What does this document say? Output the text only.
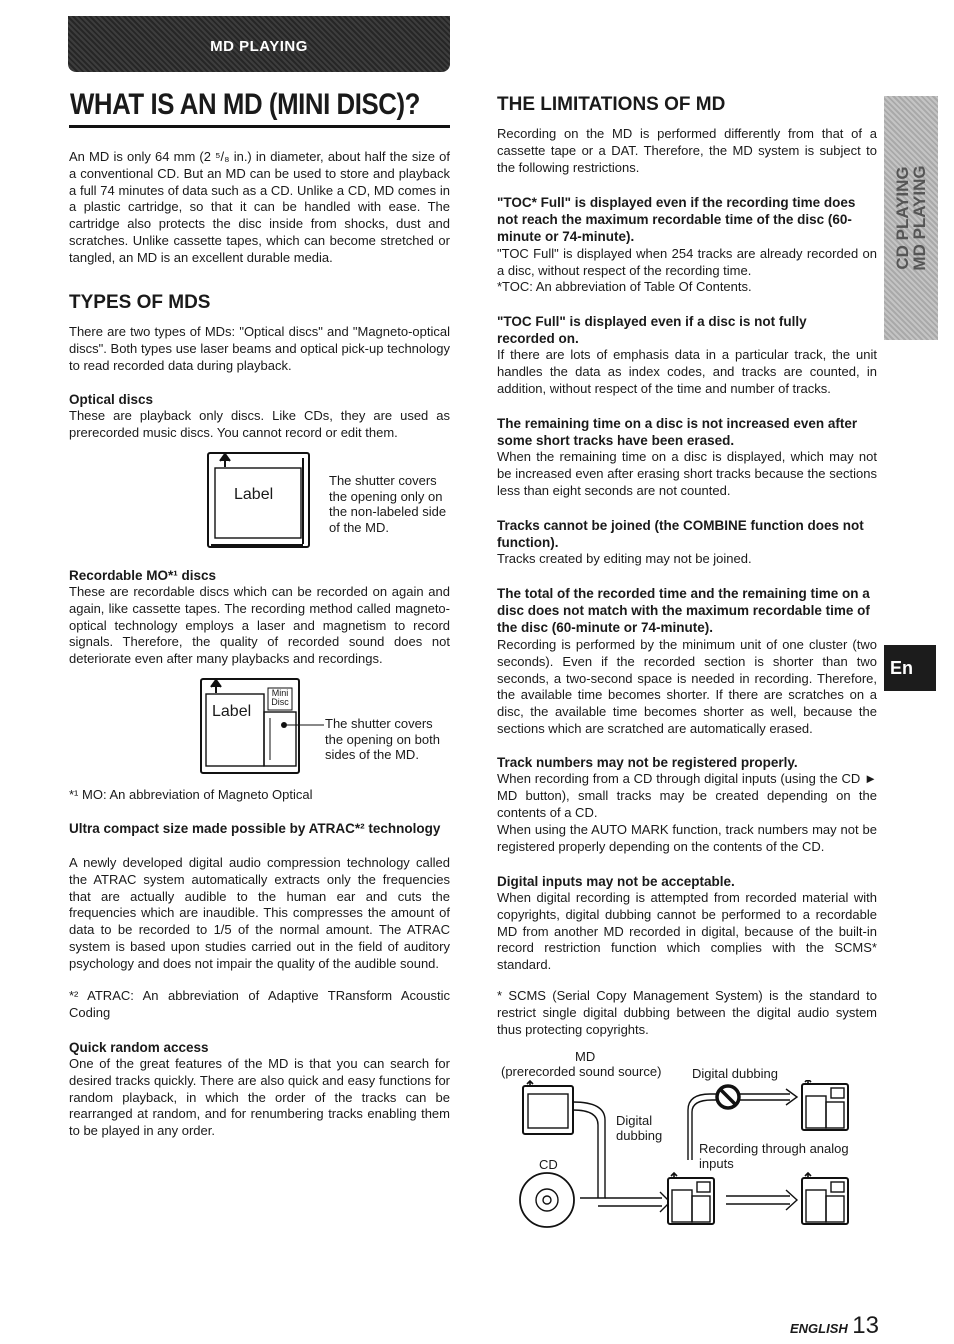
MD PLAYING
WHAT IS AN MD (MINI DISC)?

An MD is only 64 mm (2 ⁵/₈ in.) in diameter, about half the size of a conventional CD. But an MD can be used to store and playback a full 74 minutes of data such as a CD. Unlike a CD, MD comes in a plastic cartridge, so that it can be handled with ease. The cartridge also protects the disc inside from shocks, dust and scratches. Unlike cassette tapes, which can become stretched or tangled, an MD is an excellent durable media.

TYPES OF MDS

There are two types of MDs: "Optical discs" and "Magneto-optical discs". Both types use laser beams and optical pick-up technology to read recorded data during playback.

Optical discs

These are playback only discs. Like CDs, they are used as prerecorded music discs. You cannot record or edit them.

Label

The shutter covers the opening only on the non-labeled side of the MD.

Recordable MO*¹ discs

These are recordable discs which can be recorded on again and again, like cassette tapes. The recording method called magneto-optical technology employs a laser and magnetism to record signals. Therefore, the quality of recorded sound does not deteriorate even after many playbacks and recordings.

Mini
Disc
Label

The shutter covers the opening on both sides of the MD.

*¹ MO: An abbreviation of Magneto Optical

Ultra compact size made possible by ATRAC*² technology

A newly developed digital audio compression technology called the ATRAC system automatically extracts only the frequencies that are actually audible to the human ear and cuts the frequencies which are inaudible. This compresses the amount of data to be recorded to 1/5 of the normal amount. The ATRAC system is based upon studies carried out in the field of auditory psychology and does not impair the quality of the audible sound.

*² ATRAC: An abbreviation of Adaptive TRansform Acoustic Coding

Quick random access

One of the great features of the MD is that you can search for desired tracks quickly. There are also quick and easy functions for random playback, in which the order of the tracks can be rearranged at random, and for renumbering tracks enabling them to be played in any order.

THE LIMITATIONS OF MD

Recording on the MD is performed differently from that of a cassette tape or a DAT. Therefore, the MD system is subject to the following restrictions.

"TOC* Full" is displayed even if the recording time does not reach the maximum recordable time of the disc (60-minute or 74-minute).

"TOC Full" is displayed when 254 tracks are already recorded on a disc, without respect of the recording time.

*TOC: An abbreviation of Table Of Contents.

"TOC Full" is displayed even if a disc is not fully recorded on.

If there are lots of emphasis data in a particular track, the unit handles the data as index codes, and tracks are counted, in addition, without respect of the time and number of tracks.

The remaining time on a disc is not increased even after some short tracks have been erased.

When the remaining time on a disc is displayed, which may not be increased even after erasing short tracks because the sections less than eight seconds are not counted.

Tracks cannot be joined (the COMBINE function does not function).

Tracks created by editing may not be joined.

The total of the recorded time and the remaining time on a disc does not match with the maximum recordable time of the disc (60-minute or 74-minute).

Recording is performed by the minimum unit of one cluster (two seconds). Even if the recorded section is shorter than two seconds, a two-second space is needed in recording. Therefore, the available time becomes shorter. If there are scratches on a disc, the available time becomes shorter as well, because the sections which are scratched are automatically erased.

Track numbers may not be registered properly.

When recording from a CD through digital inputs (using the CD ► MD button), small tracks may be created depending on the contents of a CD.

When using the AUTO MARK function, track numbers may not be registered properly depending on the contents of the CD.

Digital inputs may not be acceptable.

When digital recording is attempted from recorded material with copyrights, digital dubbing cannot be performed to a recordable MD from another MD recorded in digital, because of the built-in record restriction function which complies with the SCMS* standard.

* SCMS (Serial Copy Management System) is the standard to restrict single digital dubbing between the digital audio system thus protecting copyrights.

MD
(prerecorded sound source) Digital dubbing
Digital
dubbing
Recording through analog
inputs
CD
CD PLAYING
MD PLAYING
En
ENGLISH 13
